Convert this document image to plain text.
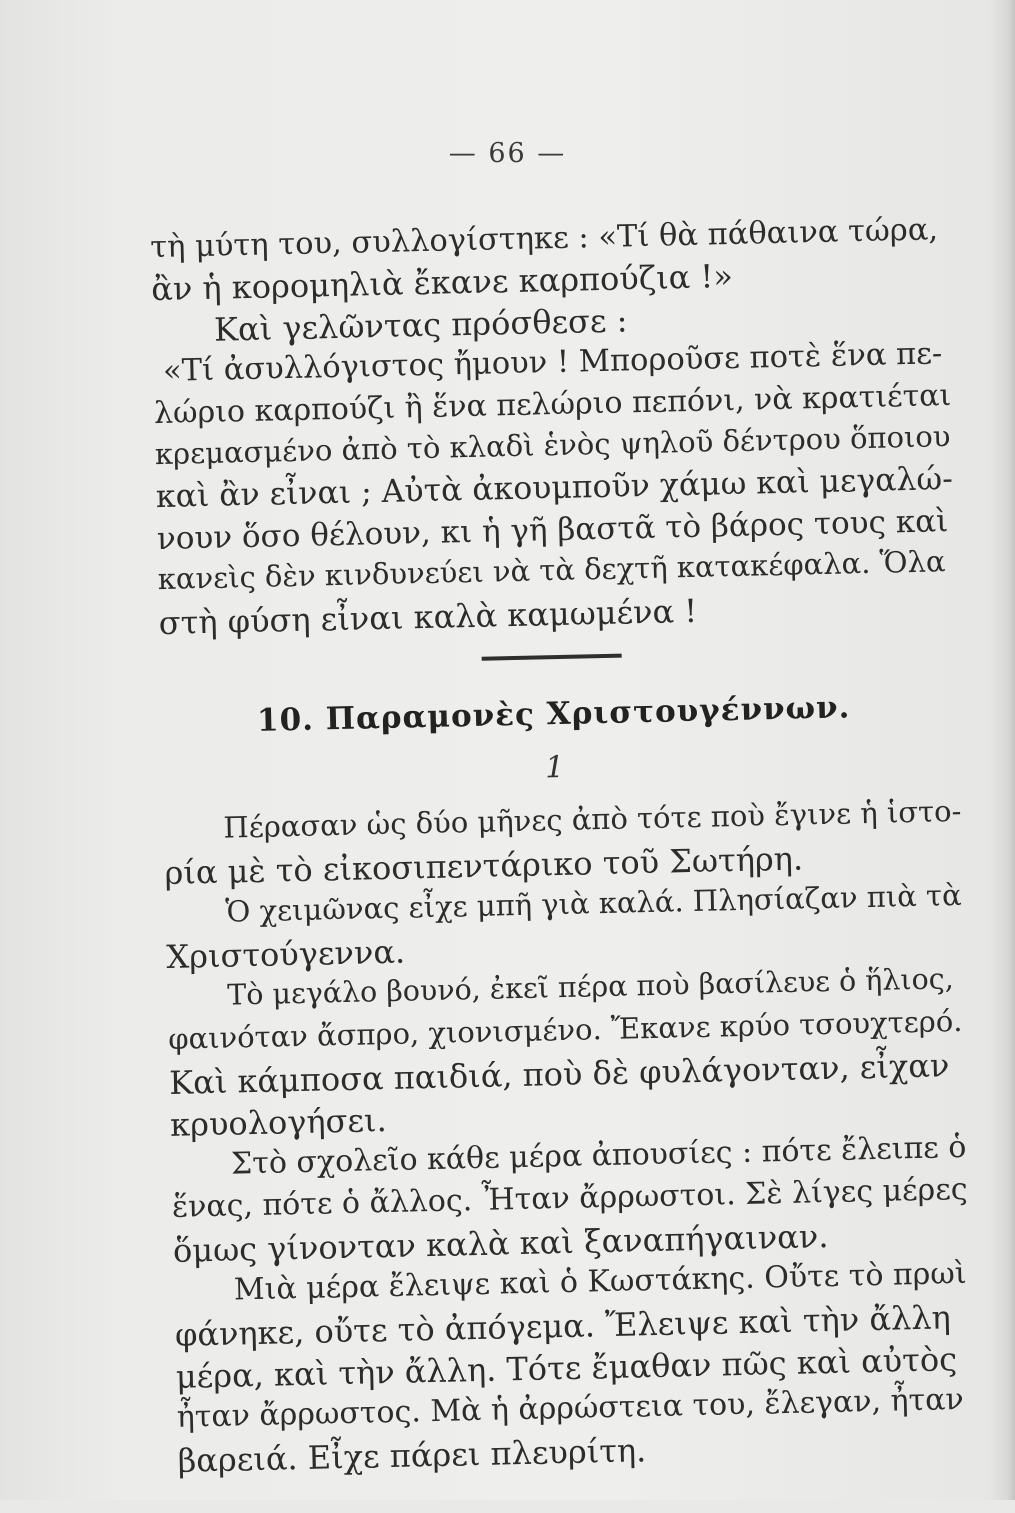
— 66 —
τὴ μύτη του, συλλογίστηκε : «Τί θὰ πάθαινα τώρα,
ἂν ἡ κορομηλιὰ ἔκανε καρπούζια !»
Καὶ γελῶντας πρόσθεσε :
«Τί ἀσυλλόγιστος ἤμουν ! Μποροῦσε ποτὲ ἕνα πε-
λώριο καρπούζι ἢ ἕνα πελώριο πεπόνι, νὰ κρατιέται
κρεμασμένο ἀπὸ τὸ κλαδὶ ἑνὸς ψηλοῦ δέντρου ὅποιου
καὶ ἂν εἶναι ; Αὐτὰ ἀκουμποῦν χάμω καὶ μεγαλώ-
νουν ὅσο θέλουν, κι ἡ γῆ βαστᾶ τὸ βάρος τους καὶ
κανεὶς δὲν κινδυνεύει νὰ τὰ δεχτῆ κατακέφαλα. Ὅλα
στὴ φύση εἶναι καλὰ καμωμένα !
10. Παραμονὲς Χριστουγέννων.
1
Πέρασαν ὡς δύο μῆνες ἀπὸ τότε ποὺ ἔγινε ἡ ἱστο-
ρία μὲ τὸ εἰκοσιπεντάρικο τοῦ Σωτήρη.
Ὁ χειμῶνας εἶχε μπῆ γιὰ καλά. Πλησίαζαν πιὰ τὰ
Χριστούγεννα.
Τὸ μεγάλο βουνό, ἐκεῖ πέρα ποὺ βασίλευε ὁ ἥλιος,
φαινόταν ἄσπρο, χιονισμένο. Ἔκανε κρύο τσουχτερό.
Καὶ κάμποσα παιδιά, ποὺ δὲ φυλάγονταν, εἶχαν
κρυολογήσει.
Στὸ σχολεῖο κάθε μέρα ἀπουσίες : πότε ἔλειπε ὁ
ἕνας, πότε ὁ ἄλλος. Ἦταν ἄρρωστοι. Σὲ λίγες μέρες
ὅμως γίνονταν καλὰ καὶ ξαναπήγαιναν.
Μιὰ μέρα ἔλειψε καὶ ὁ Κωστάκης. Οὔτε τὸ πρωὶ
φάνηκε, οὔτε τὸ ἀπόγεμα. Ἔλειψε καὶ τὴν ἄλλη
μέρα, καὶ τὴν ἄλλη. Τότε ἔμαθαν πῶς καὶ αὐτὸς
ἦταν ἄρρωστος. Μὰ ἡ ἀρρώστεια του, ἔλεγαν, ἦταν
βαρειά. Εἶχε πάρει πλευρίτη.
